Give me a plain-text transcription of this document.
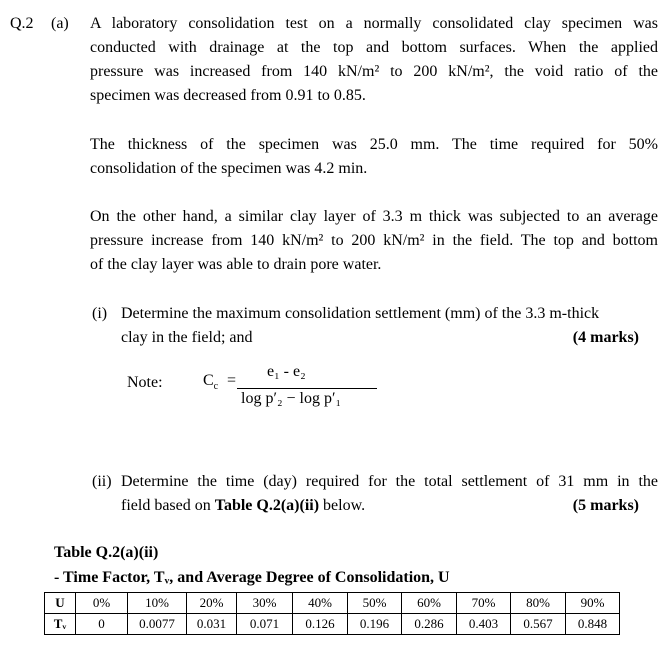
Q.2 (a) A laboratory consolidation test on a normally consolidated clay specimen was
conducted with drainage at the top and bottom surfaces. When the applied
pressure was increased from 140 kN/m² to 200 kN/m², the void ratio of the
specimen was decreased from 0.91 to 0.85.
The thickness of the specimen was 25.0 mm. The time required for 50%
consolidation of the specimen was 4.2 min.
On the other hand, a similar clay layer of 3.3 m thick was subjected to an average
pressure increase from 140 kN/m² to 200 kN/m² in the field. The top and bottom
of the clay layer was able to drain pore water.
(i) Determine the maximum consolidation settlement (mm) of the 3.3 m-thick
clay in the field; and	(4 marks)
Note:	$C_c$ =
e₁ - e₂
log p′₂ − log p′₁
(ii) Determine the time (day) required for the total settlement of 31 mm in the
field based on Table Q.2(a)(ii) below.	(5 marks)
Table Q.2(a)(ii)
- Time Factor, Tᵥ, and Average Degree of Consolidation, U
U	0%	10%	20%	30%	40%	50%	60%	70%	80%	90%
Tᵥ	0	0.0077	0.031	0.071	0.126	0.196	0.286	0.403	0.567	0.848
